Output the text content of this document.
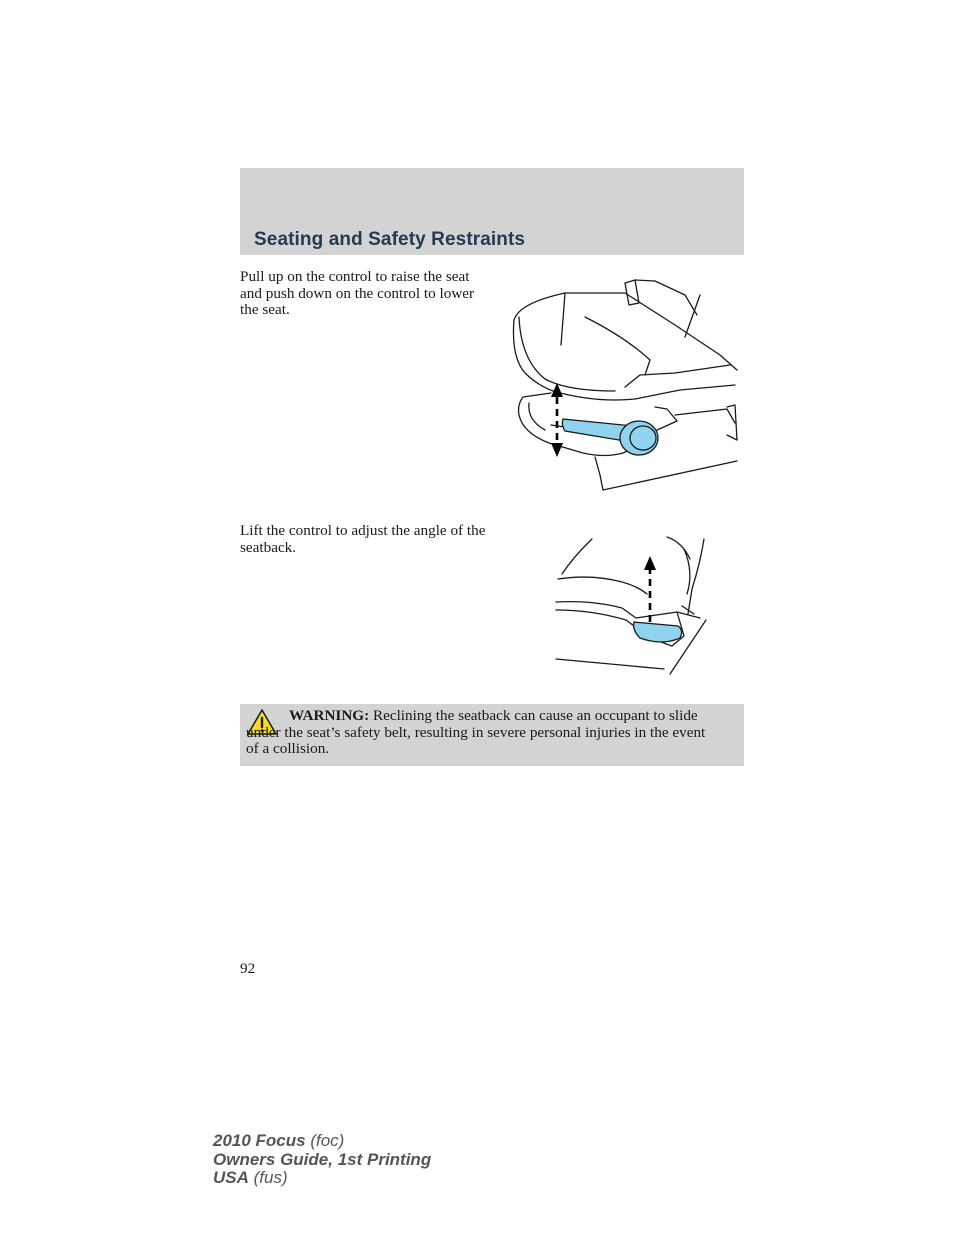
Seating and Safety Restraints

Pull up on the control to raise the seat and push down on the control to lower the seat.

Lift the control to adjust the angle of the seatback.

WARNING: Reclining the seatback can cause an occupant to slide under the seat’s safety belt, resulting in severe personal injuries in the event of a collision.

92

2010 Focus (foc)
Owners Guide, 1st Printing
USA (fus)
